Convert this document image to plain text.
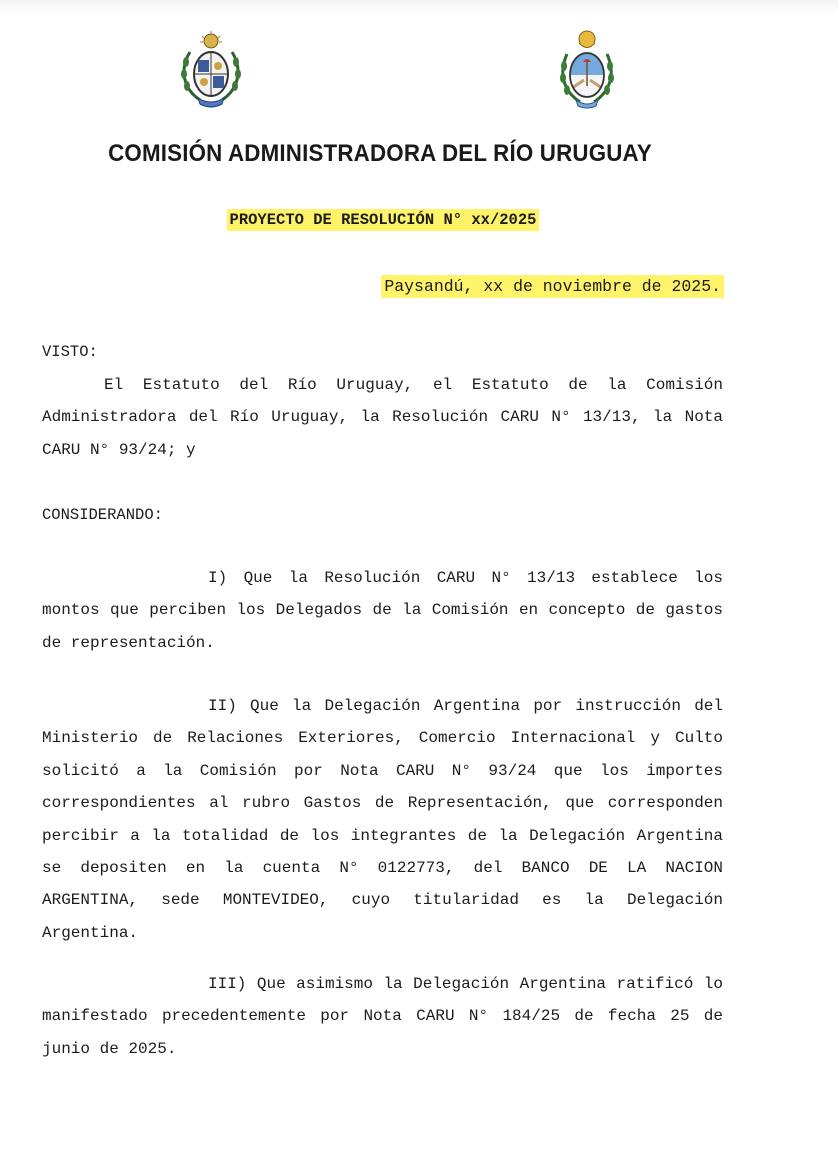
COMISIÓN ADMINISTRADORA DEL RÍO URUGUAY
PROYECTO DE RESOLUCIÓN N° xx/2025
Paysandú, xx de noviembre de 2025.
VISTO:

El Estatuto del Río Uruguay, el Estatuto de la Comisión Administradora del Río Uruguay, la Resolución CARU N° 13/13, la Nota CARU N° 93/24; y

CONSIDERANDO:

I) Que la Resolución CARU N° 13/13 establece los montos que perciben los Delegados de la Comisión en concepto de gastos de representación.

II) Que la Delegación Argentina por instrucción del Ministerio de Relaciones Exteriores, Comercio Internacional y Culto solicitó a la Comisión por Nota CARU N° 93/24 que los importes correspondientes al rubro Gastos de Representación, que corresponden percibir a la totalidad de los integrantes de la Delegación Argentina se depositen en la cuenta N° 0122773, del BANCO DE LA NACION ARGENTINA, sede MONTEVIDEO, cuyo titularidad es la Delegación Argentina.

III) Que asimismo la Delegación Argentina ratificó lo manifestado precedentemente por Nota CARU N° 184/25 de fecha 25 de junio de 2025.
